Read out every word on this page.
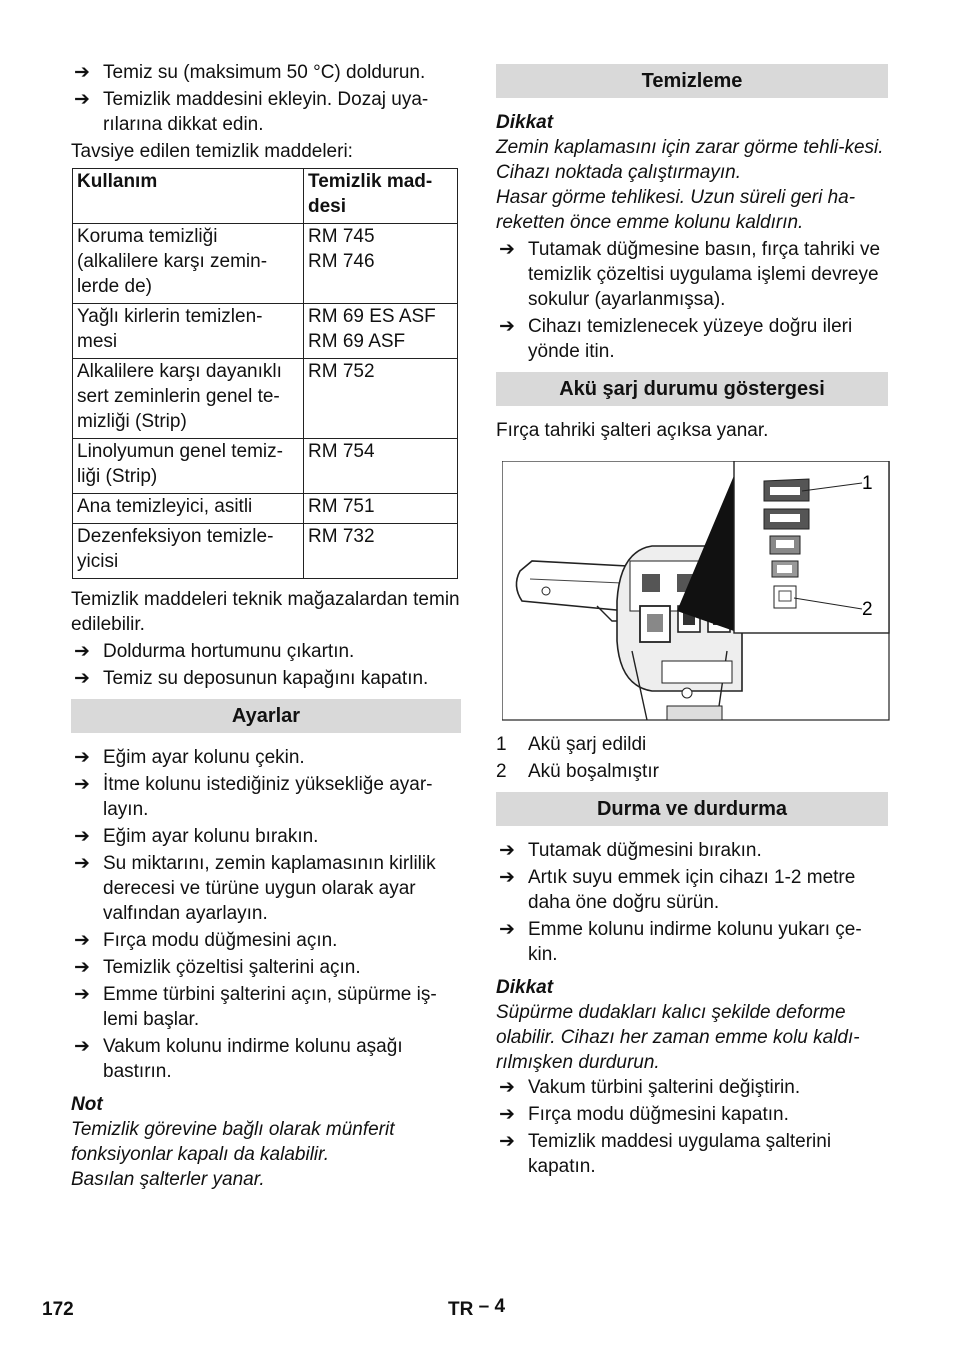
➔ Temiz su (maksimum 50 °C) doldurun.
➔ Temizlik maddesini ekleyin. Dozaj uya-rılarına dikkat edin.

Tavsiye edilen temizlik maddeleri:

Kullanım	Temizlik mad-desi
Koruma temizliği (alkalilere karşı zemin-lerde de)	RM 745
RM 746
Yağlı kirlerin temizlen-mesi	RM 69 ES ASF
RM 69 ASF
Alkalilere karşı dayanıklı sert zeminlerin genel te-mizliği (Strip)	RM 752
Linolyumun genel temiz-liği (Strip)	RM 754
Ana temizleyici, asitli	RM 751
Dezenfeksiyon temizle-yicisi	RM 732

Temizlik maddeleri teknik mağazalardan temin edilebilir.

➔ Doldurma hortumunu çıkartın.
➔ Temiz su deposunun kapağını kapatın.
Ayarlar
➔ Eğim ayar kolunu çekin.
➔ İtme kolunu istediğiniz yüksekliğe ayar-layın.
➔ Eğim ayar kolunu bırakın.
➔ Su miktarını, zemin kaplamasının kirlilik derecesi ve türüne uygun olarak ayar valfından ayarlayın.
➔ Fırça modu düğmesini açın.
➔ Temizlik çözeltisi şalterini açın.
➔ Emme türbini şalterini açın, süpürme iş-lemi başlar.
➔ Vakum kolunu indirme kolunu aşağı bastırın.

Not

Temizlik görevine bağlı olarak münferit fonksiyonlar kapalı da kalabilir.

Basılan şalterler yanar.

Temizleme

Dikkat

Zemin kaplamasını için zarar görme tehli-kesi. Cihazı noktada çalıştırmayın.

Hasar görme tehlikesi. Uzun süreli geri ha-reketten önce emme kolunu kaldırın.

➔ Tutamak düğmesine basın, fırça tahriki ve temizlik çözeltisi uygulama işlemi devreye sokulur (ayarlanmışsa).
➔ Cihazı temizlenecek yüzeye doğru ileri yönde itin.
Akü şarj durumu göstergesi

Fırça tahriki şalteri açıksa yanar.

1
2
1 Akü şarj edildi
2 Akü boşalmıştır
Durma ve durdurma
➔ Tutamak düğmesini bırakın.
➔ Artık suyu emmek için cihazı 1-2 metre daha öne doğru sürün.
➔ Emme kolunu indirme kolunu yukarı çe-kin.

Dikkat

Süpürme dudakları kalıcı şekilde deforme olabilir. Cihazı her zaman emme kolu kaldı-rılmışken durdurun.

➔ Vakum türbini şalterini değiştirin.
➔ Fırça modu düğmesini kapatın.
➔ Temizlik maddesi uygulama şalterini kapatın.
172	TR – 4
